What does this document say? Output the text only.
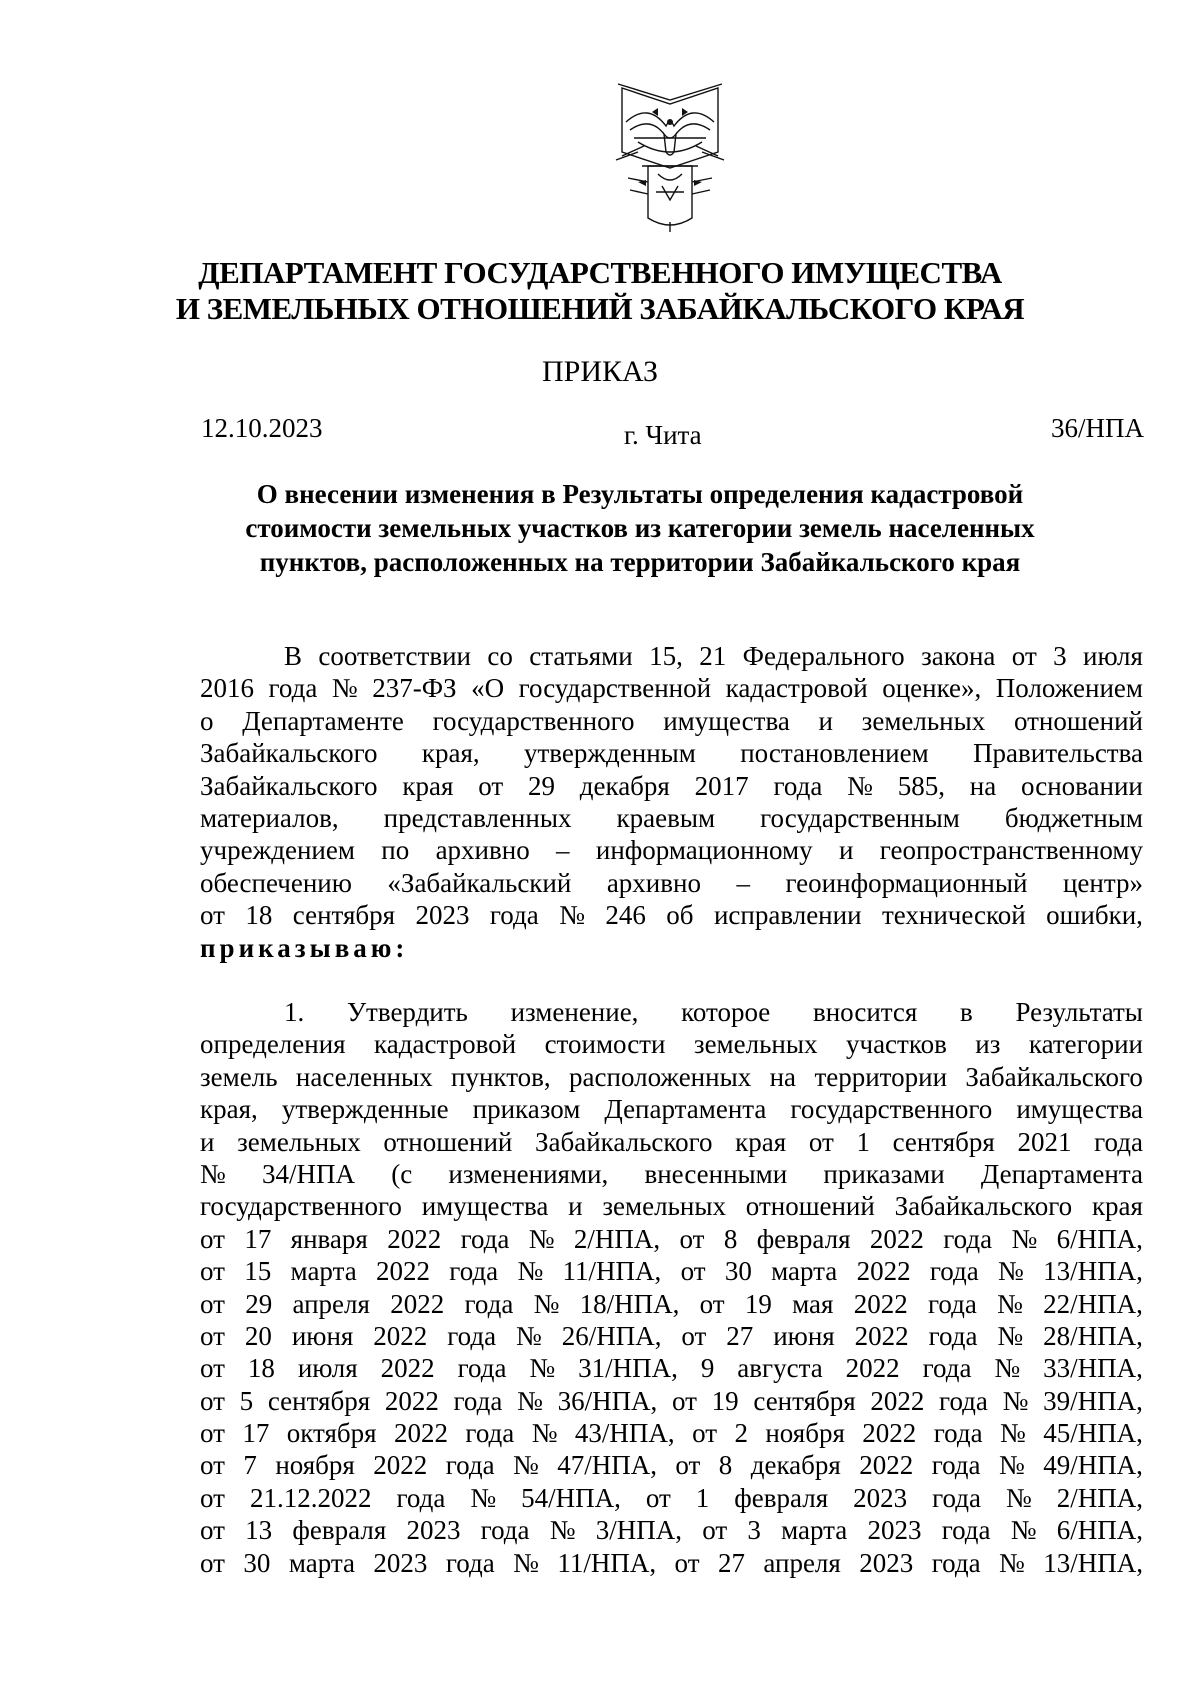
ДЕПАРТАМЕНТ ГОСУДАРСТВЕННОГО ИМУЩЕСТВА
И ЗЕМЕЛЬНЫХ ОТНОШЕНИЙ ЗАБАЙКАЛЬСКОГО КРАЯ
ПРИКАЗ
12.10.2023	г. Чита	36/НПА
О внесении изменения в Результаты определения кадастровой
стоимости земельных участков из категории земель населенных
пунктов, расположенных на территории Забайкальского края
В соответствии со статьями 15, 21 Федерального закона от 3 июля
2016 года № 237-ФЗ «О государственной кадастровой оценке», Положением
о Департаменте государственного имущества и земельных отношений
Забайкальского края, утвержденным постановлением Правительства
Забайкальского края от 29 декабря 2017 года № 585, на основании
материалов, представленных краевым государственным бюджетным
учреждением по архивно – информационному и геопространственному
обеспечению «Забайкальский архивно – геоинформационный центр»
от 18 сентября 2023 года № 246 об исправлении технической ошибки,
приказываю:
1. Утвердить изменение, которое вносится в Результаты
определения кадастровой стоимости земельных участков из категории
земель населенных пунктов, расположенных на территории Забайкальского
края, утвержденные приказом Департамента государственного имущества
и земельных отношений Забайкальского края от 1 сентября 2021 года
№ 34/НПА (с изменениями, внесенными приказами Департамента
государственного имущества и земельных отношений Забайкальского края
от 17 января 2022 года № 2/НПА, от 8 февраля 2022 года № 6/НПА,
от 15 марта 2022 года № 11/НПА, от 30 марта 2022 года № 13/НПА,
от 29 апреля 2022 года № 18/НПА, от 19 мая 2022 года № 22/НПА,
от 20 июня 2022 года № 26/НПА, от 27 июня 2022 года № 28/НПА,
от 18 июля 2022 года № 31/НПА, 9 августа 2022 года № 33/НПА,
от 5 сентября 2022 года № 36/НПА, от 19 сентября 2022 года № 39/НПА,
от 17 октября 2022 года № 43/НПА, от 2 ноября 2022 года № 45/НПА,
от 7 ноября 2022 года № 47/НПА, от 8 декабря 2022 года № 49/НПА,
от 21.12.2022 года № 54/НПА, от 1 февраля 2023 года № 2/НПА,
от 13 февраля 2023 года № 3/НПА, от 3 марта 2023 года № 6/НПА,
от 30 марта 2023 года № 11/НПА, от 27 апреля 2023 года № 13/НПА,
